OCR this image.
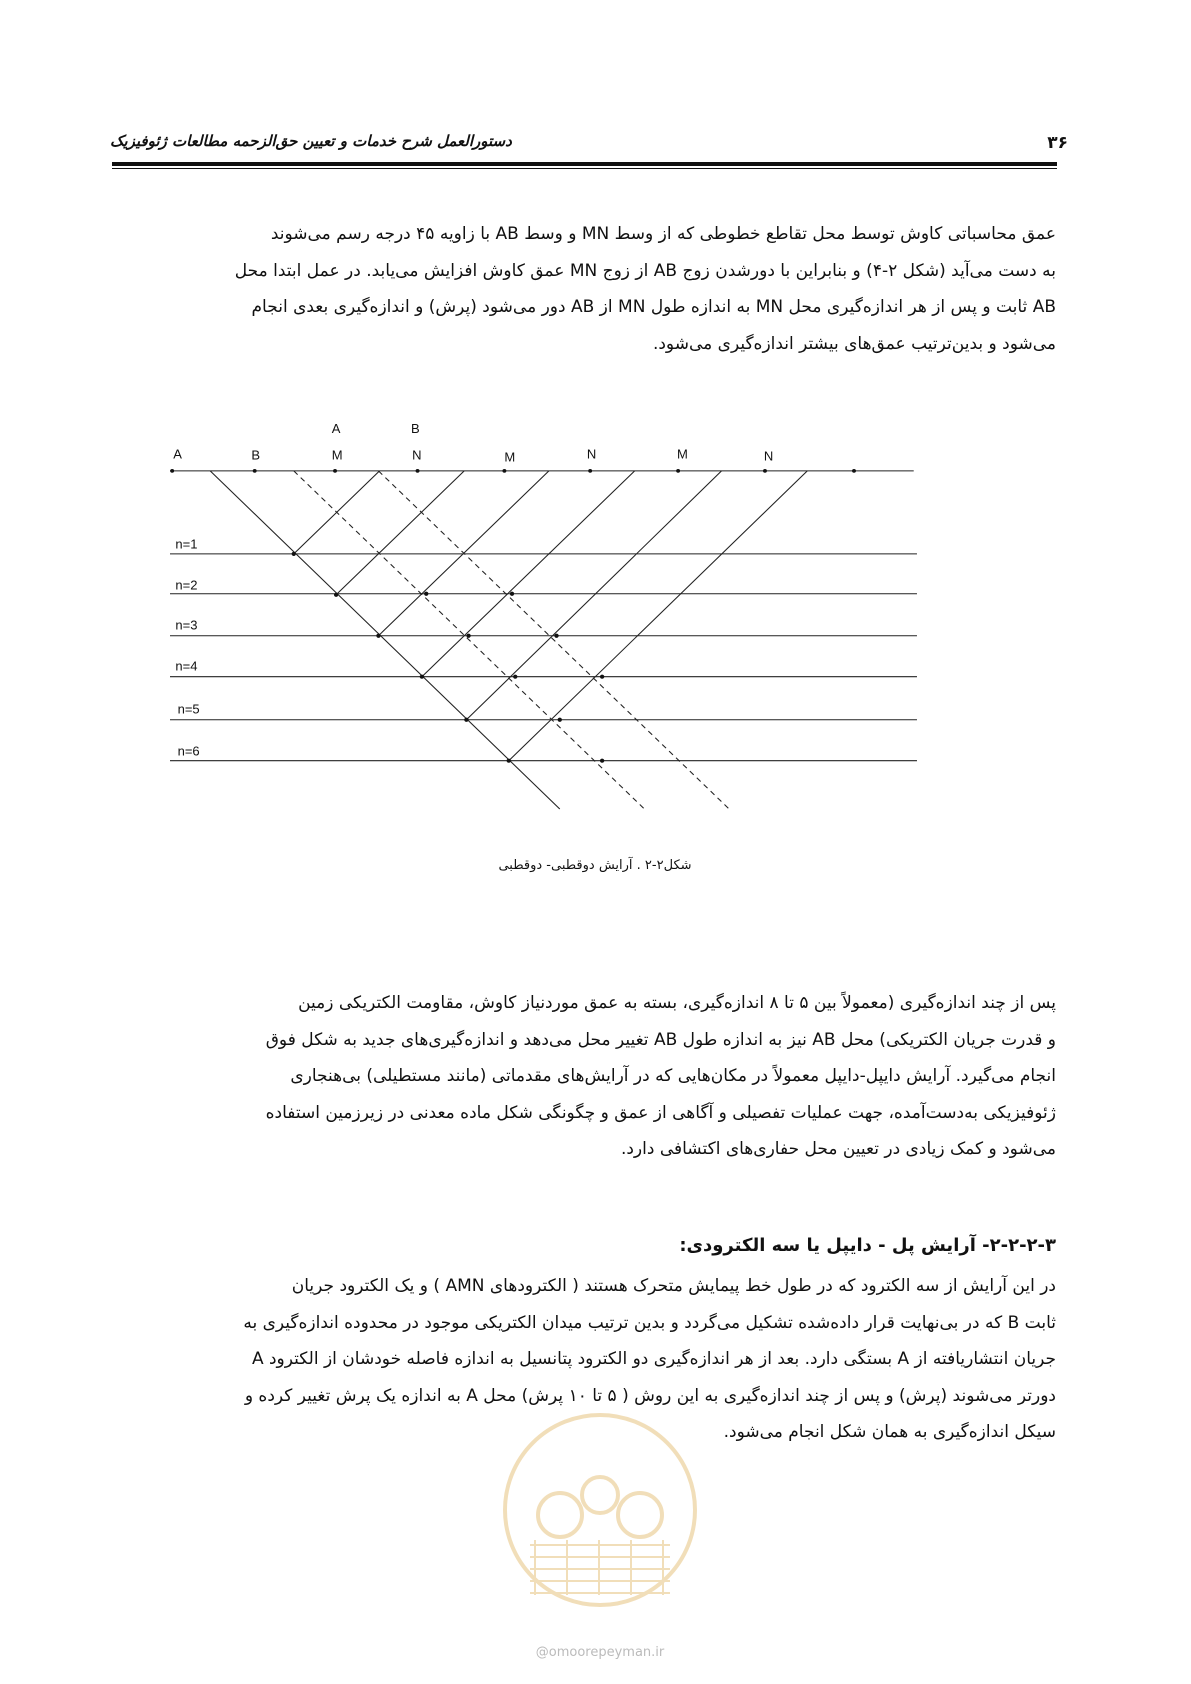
۳۶
دستورالعمل شرح خدمات و تعیین حق‌الزحمه مطالعات ژئوفیزیک
عمق محاسباتی کاوش توسط محل تقاطع خطوطی که از وسط MN و وسط AB با زاویه ۴۵ درجه رسم می‌شوند
به دست می‌آید (شکل ۲-۴) و بنابراین با دورشدن زوج AB از زوج MN عمق کاوش افزایش می‌یابد. در عمل ابتدا محل
AB ثابت و پس از هر اندازه‌گیری محل MN به اندازه طول MN از AB دور می‌شود (پرش) و اندازه‌گیری بعدی انجام
می‌شود و بدین‌ترتیب عمق‌های بیشتر اندازه‌گیری می‌شود.
A	B	M	N	M	N	M	N
A	B
n=1
n=2
n=3
n=4
n=5
n=6
شکل۲-۲ . آرایش دوقطبی- دوقطبی
پس از چند اندازه‌گیری (معمولاً بین ۵ تا ۸ اندازه‌گیری، بسته به عمق موردنیاز کاوش، مقاومت الکتریکی زمین
و قدرت جریان الکتریکی) محل AB نیز به اندازه طول AB تغییر محل می‌دهد و اندازه‌گیری‌های جدید به شکل فوق
انجام می‌گیرد. آرایش دایپل-دایپل معمولاً در مکان‌هایی که در آرایش‌های مقدماتی (مانند مستطیلی) بی‌هنجاری
ژئوفیزیکی به‌دست‌آمده، جهت عملیات تفصیلی و آگاهی از عمق و چگونگی شکل ماده معدنی در زیرزمین استفاده
می‌شود و کمک زیادی در تعیین محل حفاری‌های اکتشافی دارد.
۲-۲-۲-۳- آرایش پل - دایپل یا سه الکترودی:
در این آرایش از سه الکترود که در طول خط پیمایش متحرک هستند ( الکترودهای AMN ) و یک الکترود جریان
ثابت B که در بی‌نهایت قرار داده‌شده تشکیل می‌گردد و بدین ترتیب میدان الکتریکی موجود در محدوده اندازه‌گیری به
جریان انتشاریافته از A بستگی دارد. بعد از هر اندازه‌گیری دو الکترود پتانسیل به اندازه فاصله خودشان از الکترود A
دورتر می‌شوند (پرش) و پس از چند اندازه‌گیری به این روش ( ۵ تا ۱۰ پرش) محل A به اندازه یک پرش تغییر کرده و
سیکل اندازه‌گیری به همان شکل انجام می‌شود.
@omoorepeyman.ir
